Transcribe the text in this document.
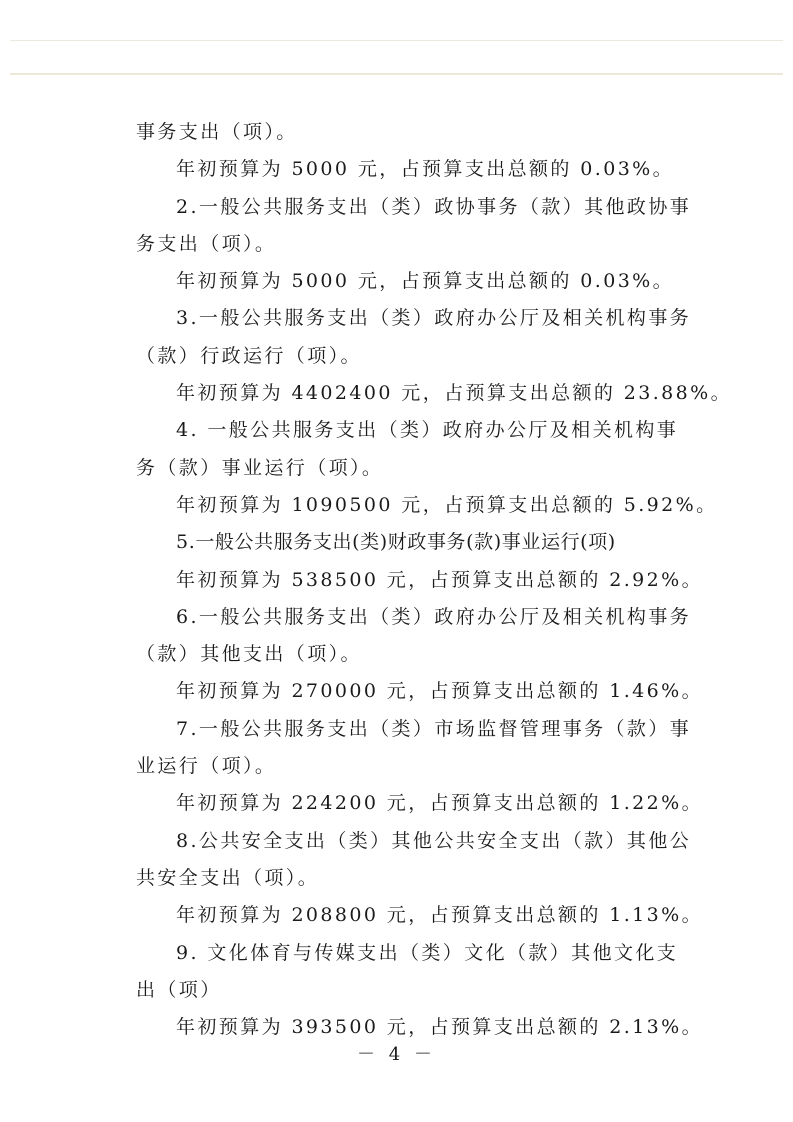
事务支出（项）。
年初预算为 5000 元，占预算支出总额的 0.03%。
2.一般公共服务支出（类）政协事务（款）其他政协事
务支出（项）。
年初预算为 5000 元，占预算支出总额的 0.03%。
3.一般公共服务支出（类）政府办公厅及相关机构事务
（款）行政运行（项）。
年初预算为 4402400 元，占预算支出总额的 23.88%。
4. 一般公共服务支出（类）政府办公厅及相关机构事
务（款）事业运行（项）。
年初预算为 1090500 元，占预算支出总额的 5.92%。
5.一般公共服务支出(类)财政事务(款)事业运行(项)
年初预算为 538500 元，占预算支出总额的 2.92%。
6.一般公共服务支出（类）政府办公厅及相关机构事务
（款）其他支出（项）。
年初预算为 270000 元，占预算支出总额的 1.46%。
7.一般公共服务支出（类）市场监督管理事务（款）事
业运行（项）。
年初预算为 224200 元，占预算支出总额的 1.22%。
8.公共安全支出（类）其他公共安全支出（款）其他公
共安全支出（项）。
年初预算为 208800 元，占预算支出总额的 1.13%。
9. 文化体育与传媒支出（类）文化（款）其他文化支
出（项）
年初预算为 393500 元，占预算支出总额的 2.13%。
－ 4 －
